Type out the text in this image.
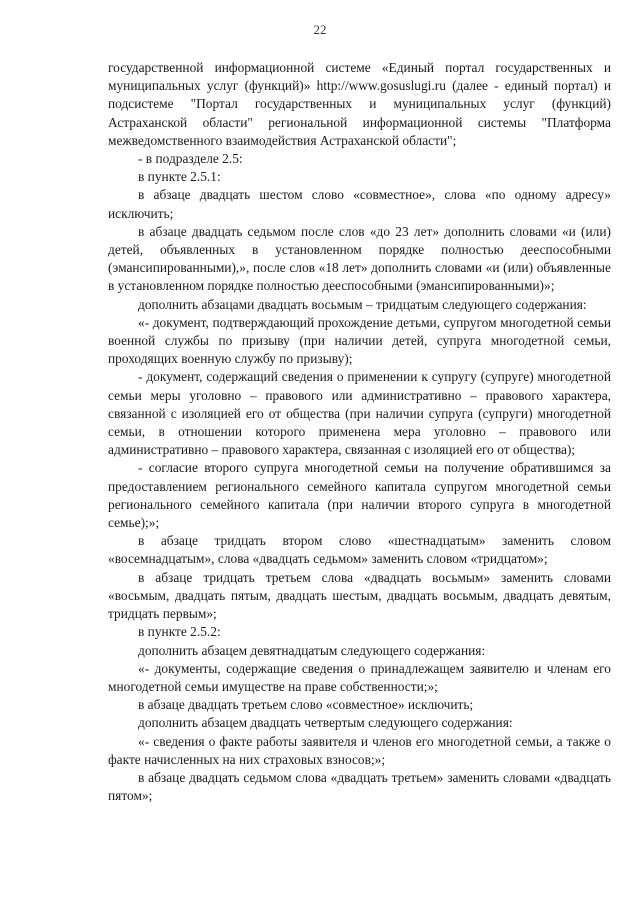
22

государственной информационной системе «Единый портал государственных и муниципальных услуг (функций)» http://www.gosuslugi.ru (далее - единый портал) и подсистеме "Портал государственных и муниципальных услуг (функций) Астраханской области" региональной информационной системы "Платформа межведомственного взаимодействия Астраханской области";

- в подразделе 2.5:

в пункте 2.5.1:

в абзаце двадцать шестом слово «совместное», слова «по одному адресу» исключить;

в абзаце двадцать седьмом после слов «до 23 лет» дополнить словами «и (или) детей, объявленных в установленном порядке полностью дееспособными (эмансипированными),», после слов «18 лет» дополнить словами «и (или) объявленные в установленном порядке полностью дееспособными (эмансипированными)»;

дополнить абзацами двадцать восьмым – тридцатым следующего содержания:

«- документ, подтверждающий прохождение детьми, супругом многодетной семьи военной службы по призыву (при наличии детей, супруга многодетной семьи, проходящих военную службу по призыву);

- документ, содержащий сведения о применении к супругу (супруге) многодетной семьи меры уголовно – правового или административно – правового характера, связанной с изоляцией его от общества (при наличии супруга (супруги) многодетной семьи, в отношении которого применена мера уголовно – правового или административно – правового характера, связанная с изоляцией его от общества);

- согласие второго супруга многодетной семьи на получение обратившимся за предоставлением регионального семейного капитала супругом многодетной семьи регионального семейного капитала (при наличии второго супруга в многодетной семье);»;

в абзаце тридцать втором слово «шестнадцатым» заменить словом «восемнадцатым», слова «двадцать седьмом» заменить словом «тридцатом»;

в абзаце тридцать третьем слова «двадцать восьмым» заменить словами «восьмым, двадцать пятым, двадцать шестым, двадцать восьмым, двадцать девятым, тридцать первым»;

в пункте 2.5.2:

дополнить абзацем девятнадцатым следующего содержания:

«- документы, содержащие сведения о принадлежащем заявителю и членам его многодетной семьи имуществе на праве собственности;»;

в абзаце двадцать третьем слово «совместное» исключить;

дополнить абзацем двадцать четвертым следующего содержания:

«- сведения о факте работы заявителя и членов его многодетной семьи, а также о факте начисленных на них страховых взносов;»;

в абзаце двадцать седьмом слова «двадцать третьем» заменить словами «двадцать пятом»;
